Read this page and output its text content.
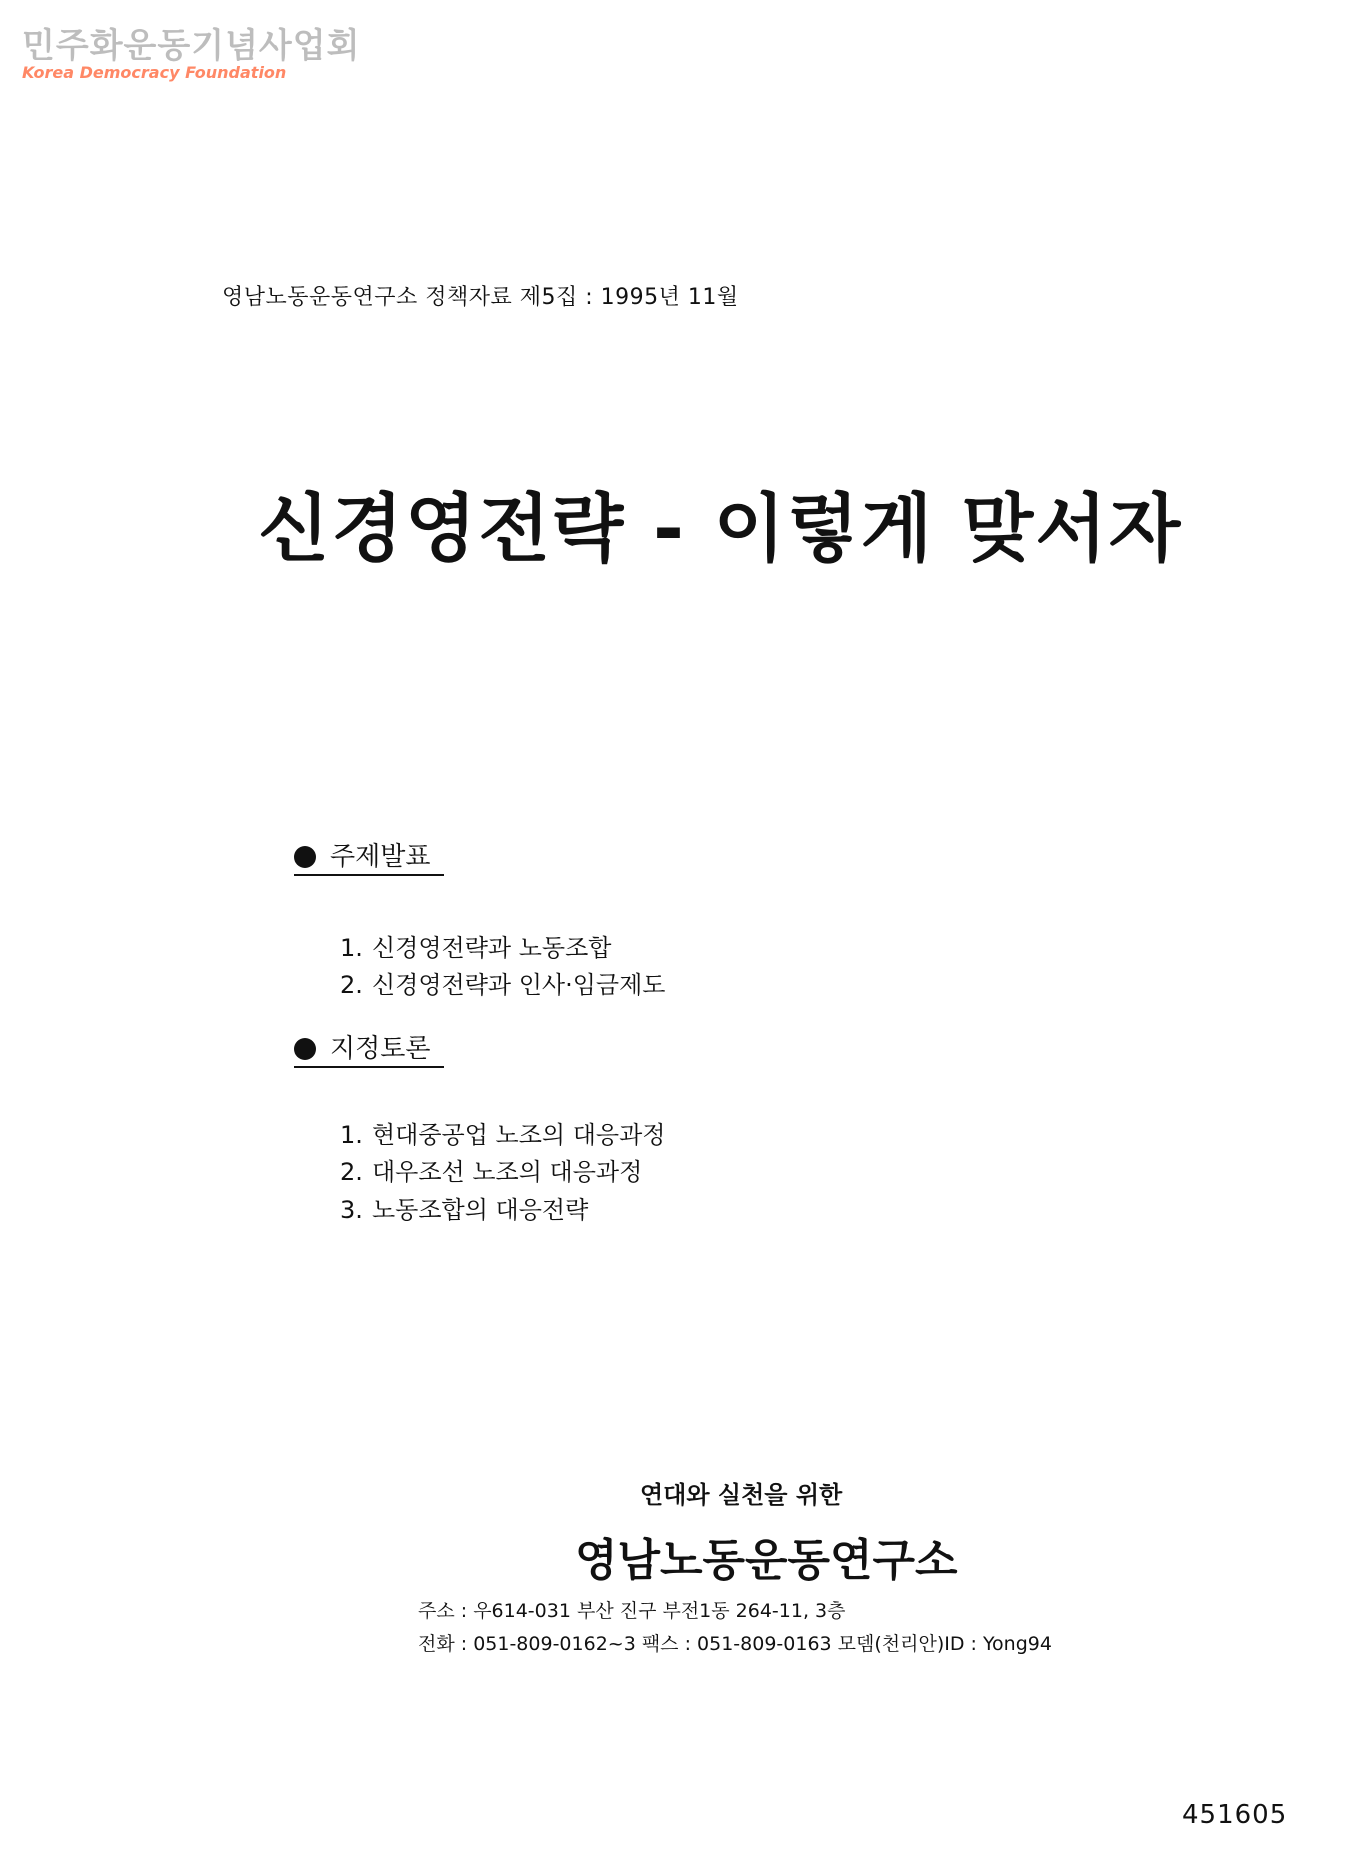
민주화운동기념사업회
Korea Democracy Foundation
영남노동운동연구소 정책자료 제5집 : 1995년 11월
신경영전략 - 이렇게 맞서자
주제발표
1. 신경영전략과 노동조합
2. 신경영전략과 인사·임금제도
지정토론
1. 현대중공업 노조의 대응과정
2. 대우조선 노조의 대응과정
3. 노동조합의 대응전략
연대와 실천을 위한
영남노동운동연구소
주소 : 우614-031 부산 진구 부전1동 264-11, 3층
전화 : 051-809-0162~3 팩스 : 051-809-0163 모뎀(천리안)ID : Yong94
451605
